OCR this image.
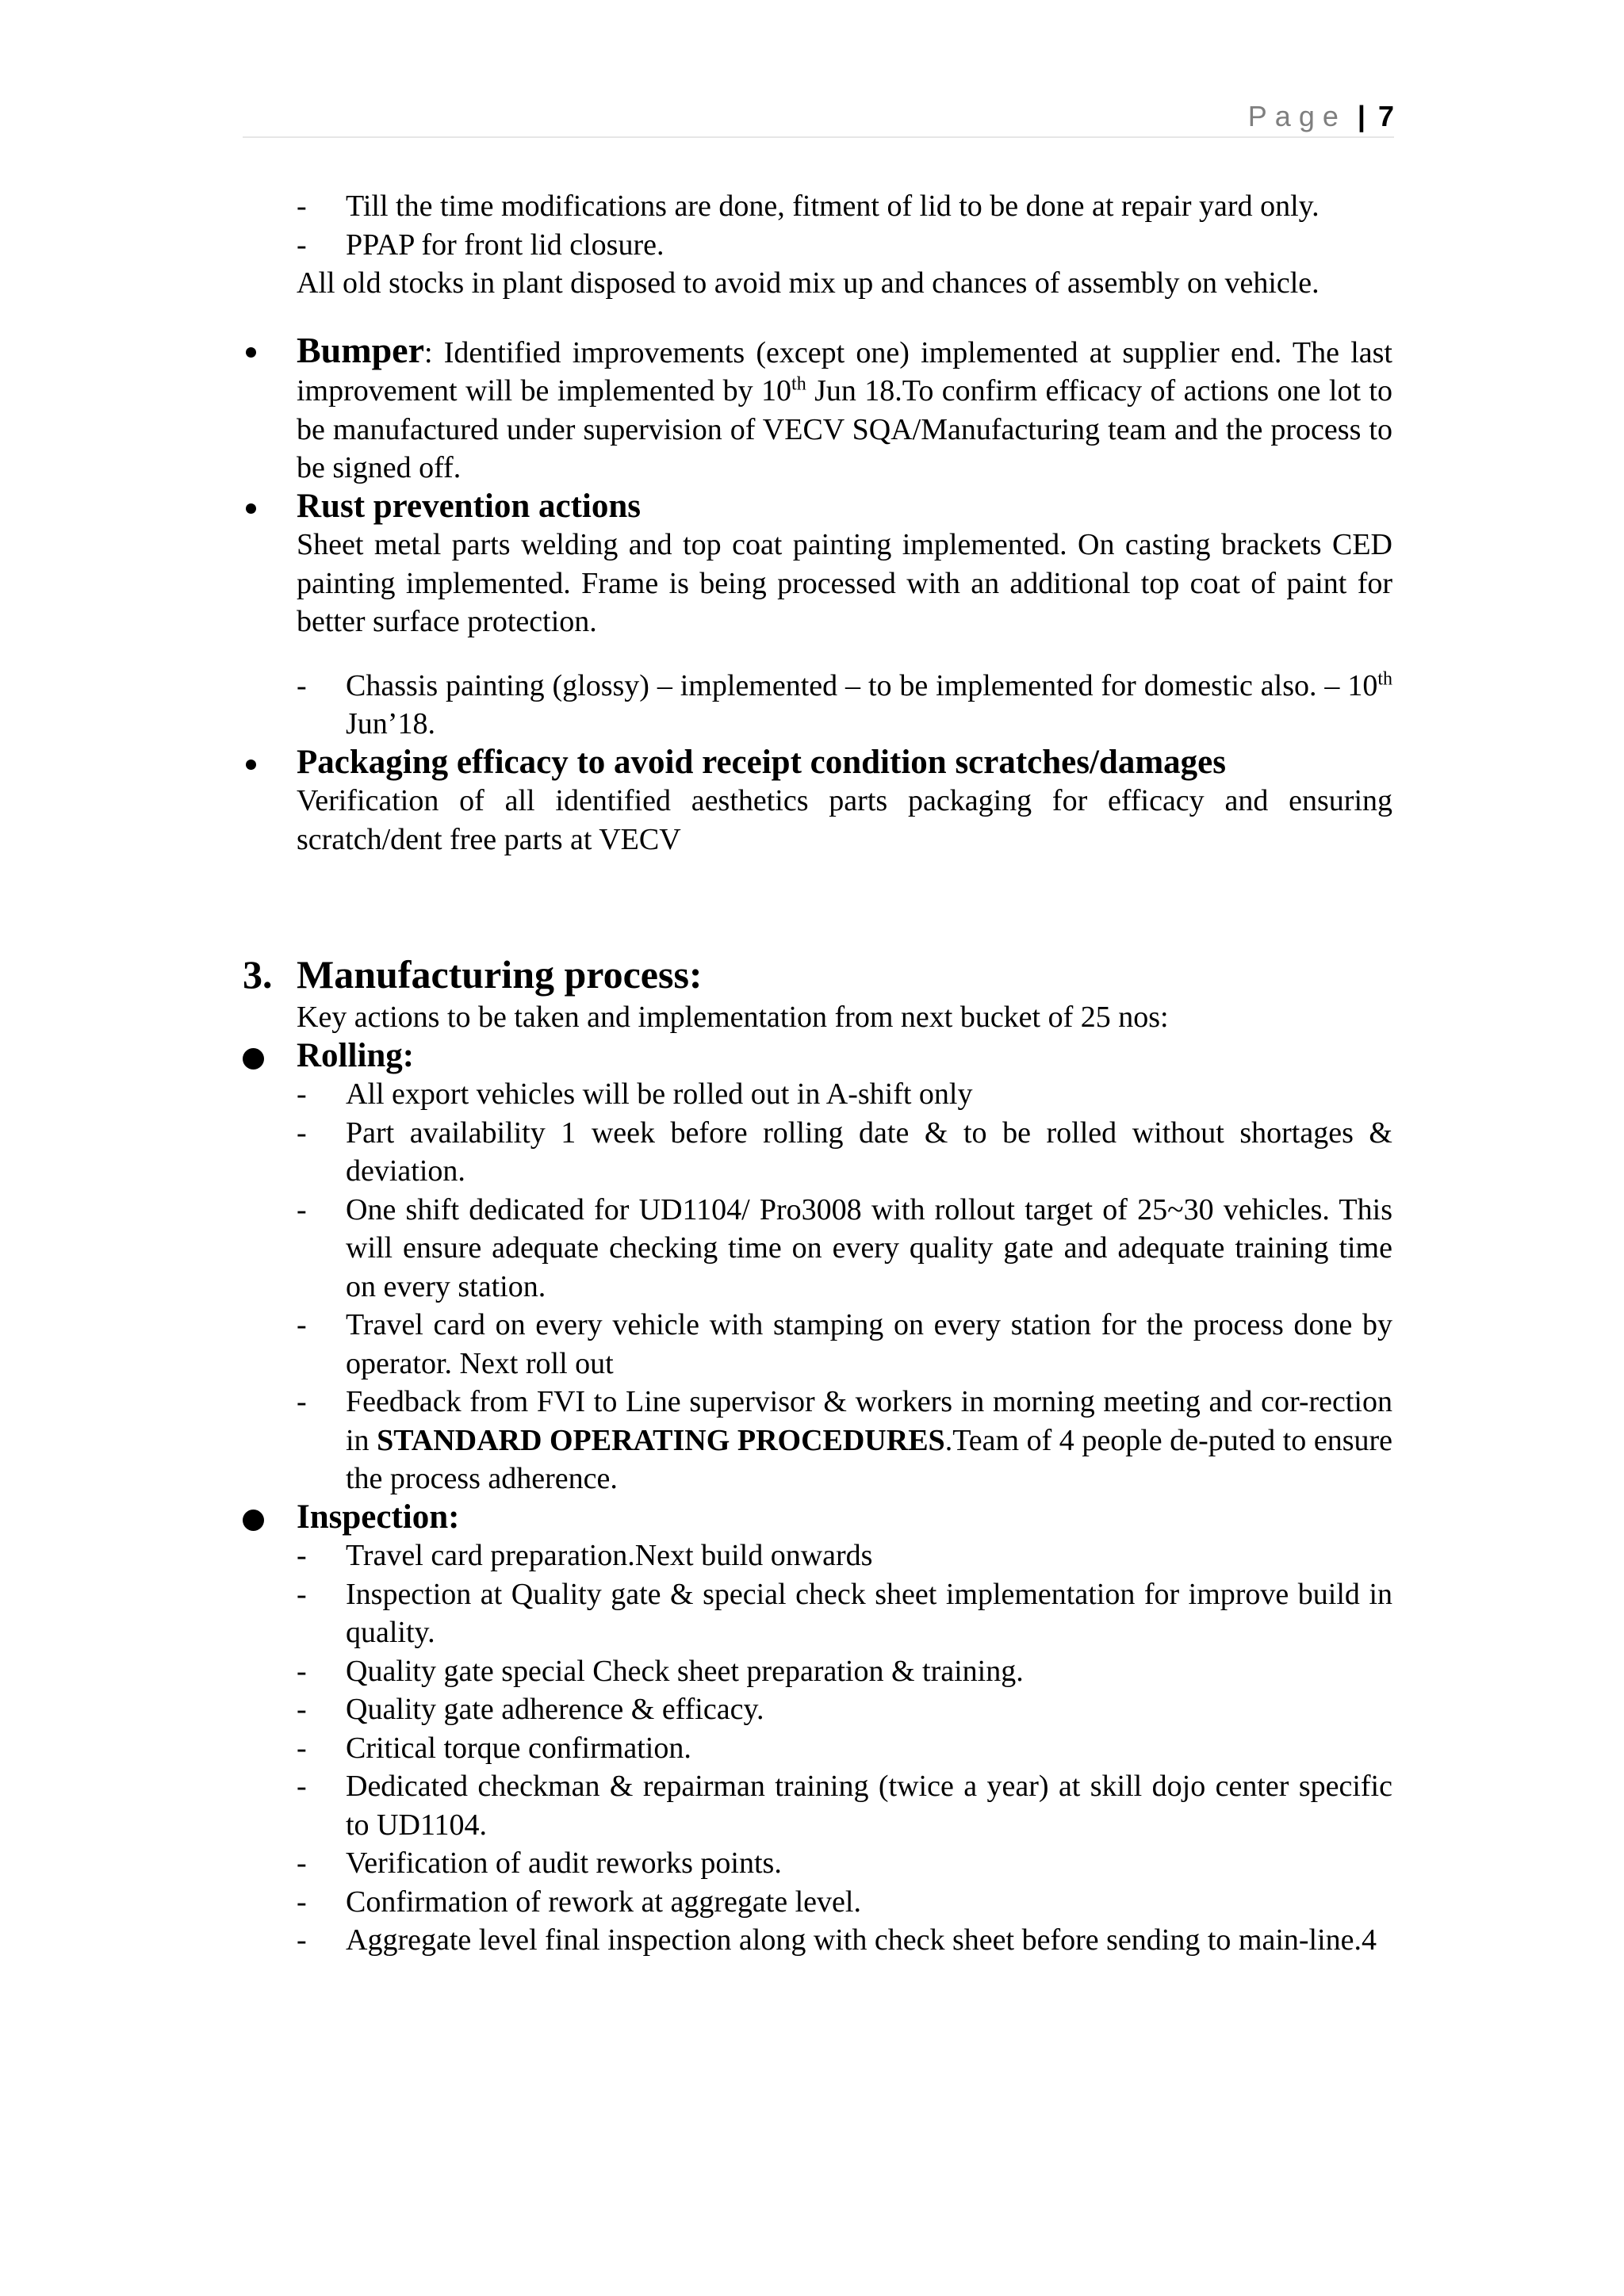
Page | 7
- Till the time modifications are done, fitment of lid to be done at repair yard only.
- PPAP for front lid closure.
All old stocks in plant disposed to avoid mix up and chances of assembly on vehicle.
Bumper: Identified improvements (except one) implemented at supplier end. The last improvement will be implemented by 10th Jun 18.To confirm efficacy of actions one lot to be manufactured under supervision of VECV SQA/Manufacturing team and the process to be signed off.
Rust prevention actions
Sheet metal parts welding and top coat painting implemented. On casting brackets CED painting implemented. Frame is being processed with an additional top coat of paint for better surface protection.
- Chassis painting (glossy) – implemented – to be implemented for domestic also. – 10th Jun’18.
Packaging efficacy to avoid receipt condition scratches/damages
Verification of all identified aesthetics parts packaging for efficacy and ensuring scratch/dent free parts at VECV
3. Manufacturing process:
Key actions to be taken and implementation from next bucket of 25 nos:
Rolling:
- All export vehicles will be rolled out in A-shift only
- Part availability 1 week before rolling date & to be rolled without shortages & deviation.
- One shift dedicated for UD1104/ Pro3008 with rollout target of 25~30 vehicles. This will ensure adequate checking time on every quality gate and adequate training time on every station.
- Travel card on every vehicle with stamping on every station for the process done by operator. Next roll out
- Feedback from FVI to Line supervisor & workers in morning meeting and cor-rection in STANDARD OPERATING PROCEDURES.Team of 4 people de-puted to ensure the process adherence.
Inspection:
- Travel card preparation.Next build onwards
- Inspection at Quality gate & special check sheet implementation for improve build in quality.
- Quality gate special Check sheet preparation & training.
- Quality gate adherence & efficacy.
- Critical torque confirmation.
- Dedicated checkman & repairman training (twice a year) at skill dojo center specific to UD1104.
- Verification of audit reworks points.
- Confirmation of rework at aggregate level.
- Aggregate level final inspection along with check sheet before sending to main-line.4
